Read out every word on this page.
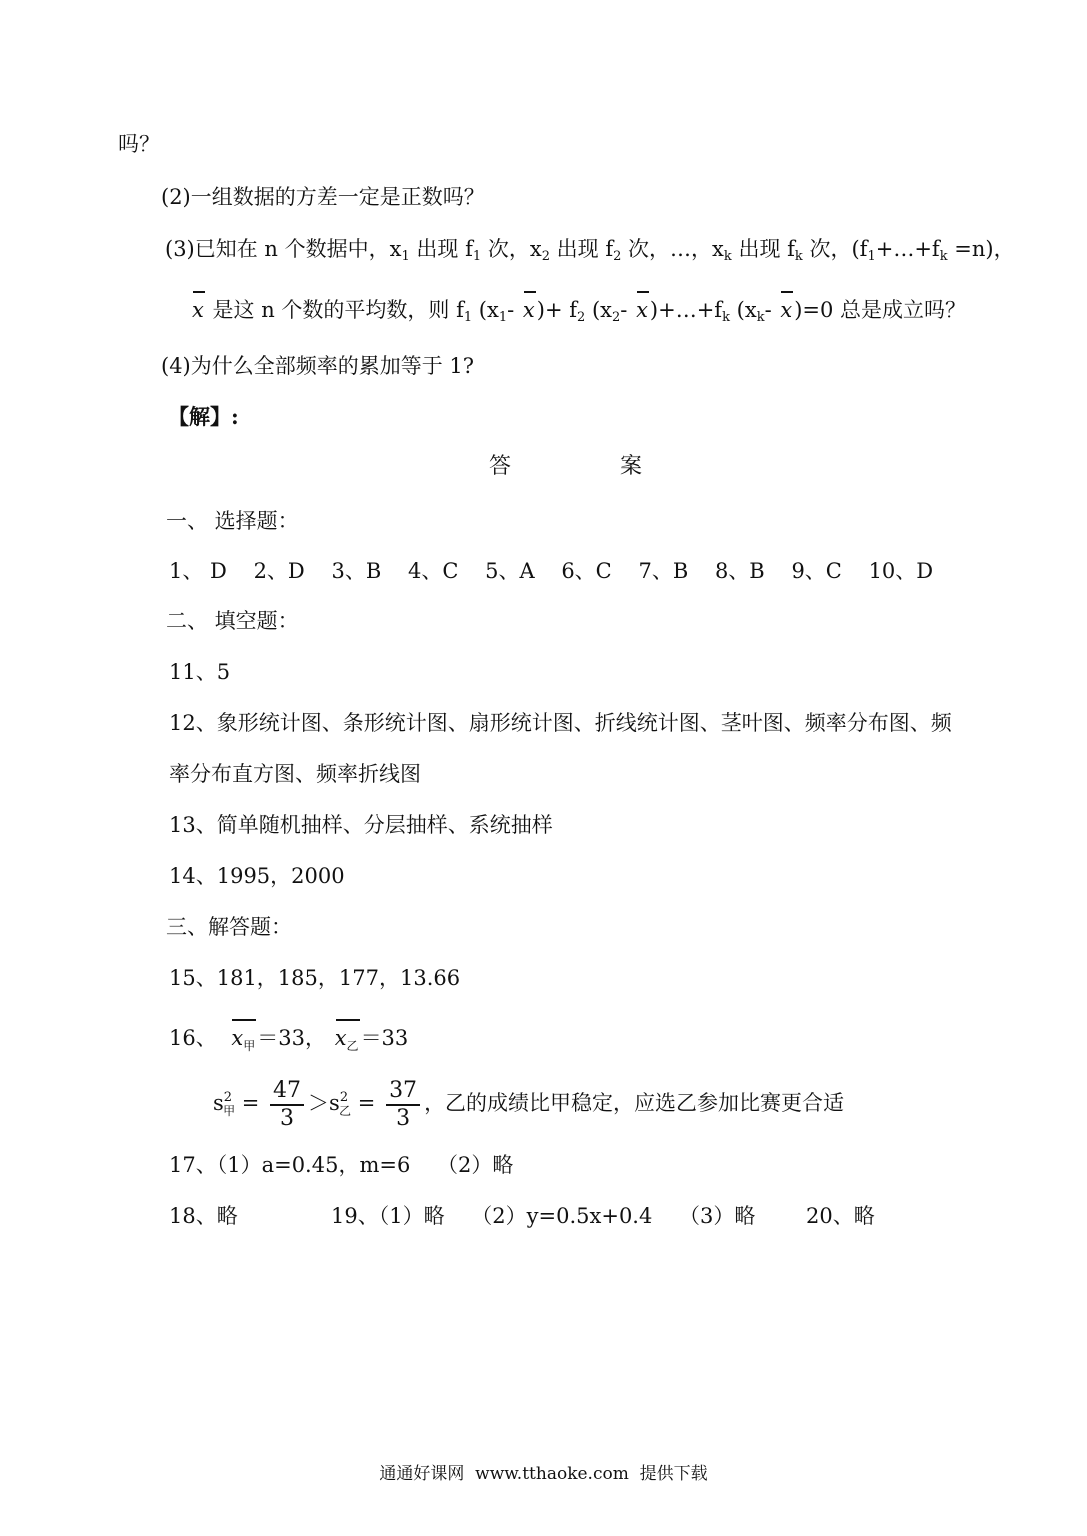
吗？
(2)一组数据的方差一定是正数吗？
(3)已知在 n 个数据中，$x_1$ 出现 $f_1$ 次，$x_2$ 出现 $f_2$ 次，…，$x_k$ 出现 $f_k$ 次，$(f_1+\dots+f_k =n)$，
x 是这 n 个数的平均数，则 $f_1$ ($x_1-$ $x)+ f_2$ ($x_2-$ $x)+\dots+f_k$ ($x_k-$ x)=0 总是成立吗？
(4)为什么全部频率的累加等于 1?
【解】:
答	案
一、 选择题：
1、 D    2、D    3、B    4、C    5、A    6、C    7、B    8、B    9、C    10、D
二、 填空题：
11、5
12、象形统计图、条形统计图、扇形统计图、折线统计图、茎叶图、频率分布图、频
率分布直方图、频率折线图
13、简单随机抽样、分层抽样、系统抽样
14、1995，2000
三、解答题：
15、181，185，177，13.66
16、 $x_甲=33$， $x_乙=33$
$s^2_甲 = \frac{47}{3} >s^2_乙 = \frac{37}{3}$ ，乙的成绩比甲稳定，应选乙参加比赛更合适
17、（1）a=0.45，m=6    （2）略
18、略	19、（1）略    （2）y=0.5x+0.4    （3）略 20、略
通通好课网  www.tthaoke.com  提供下载
